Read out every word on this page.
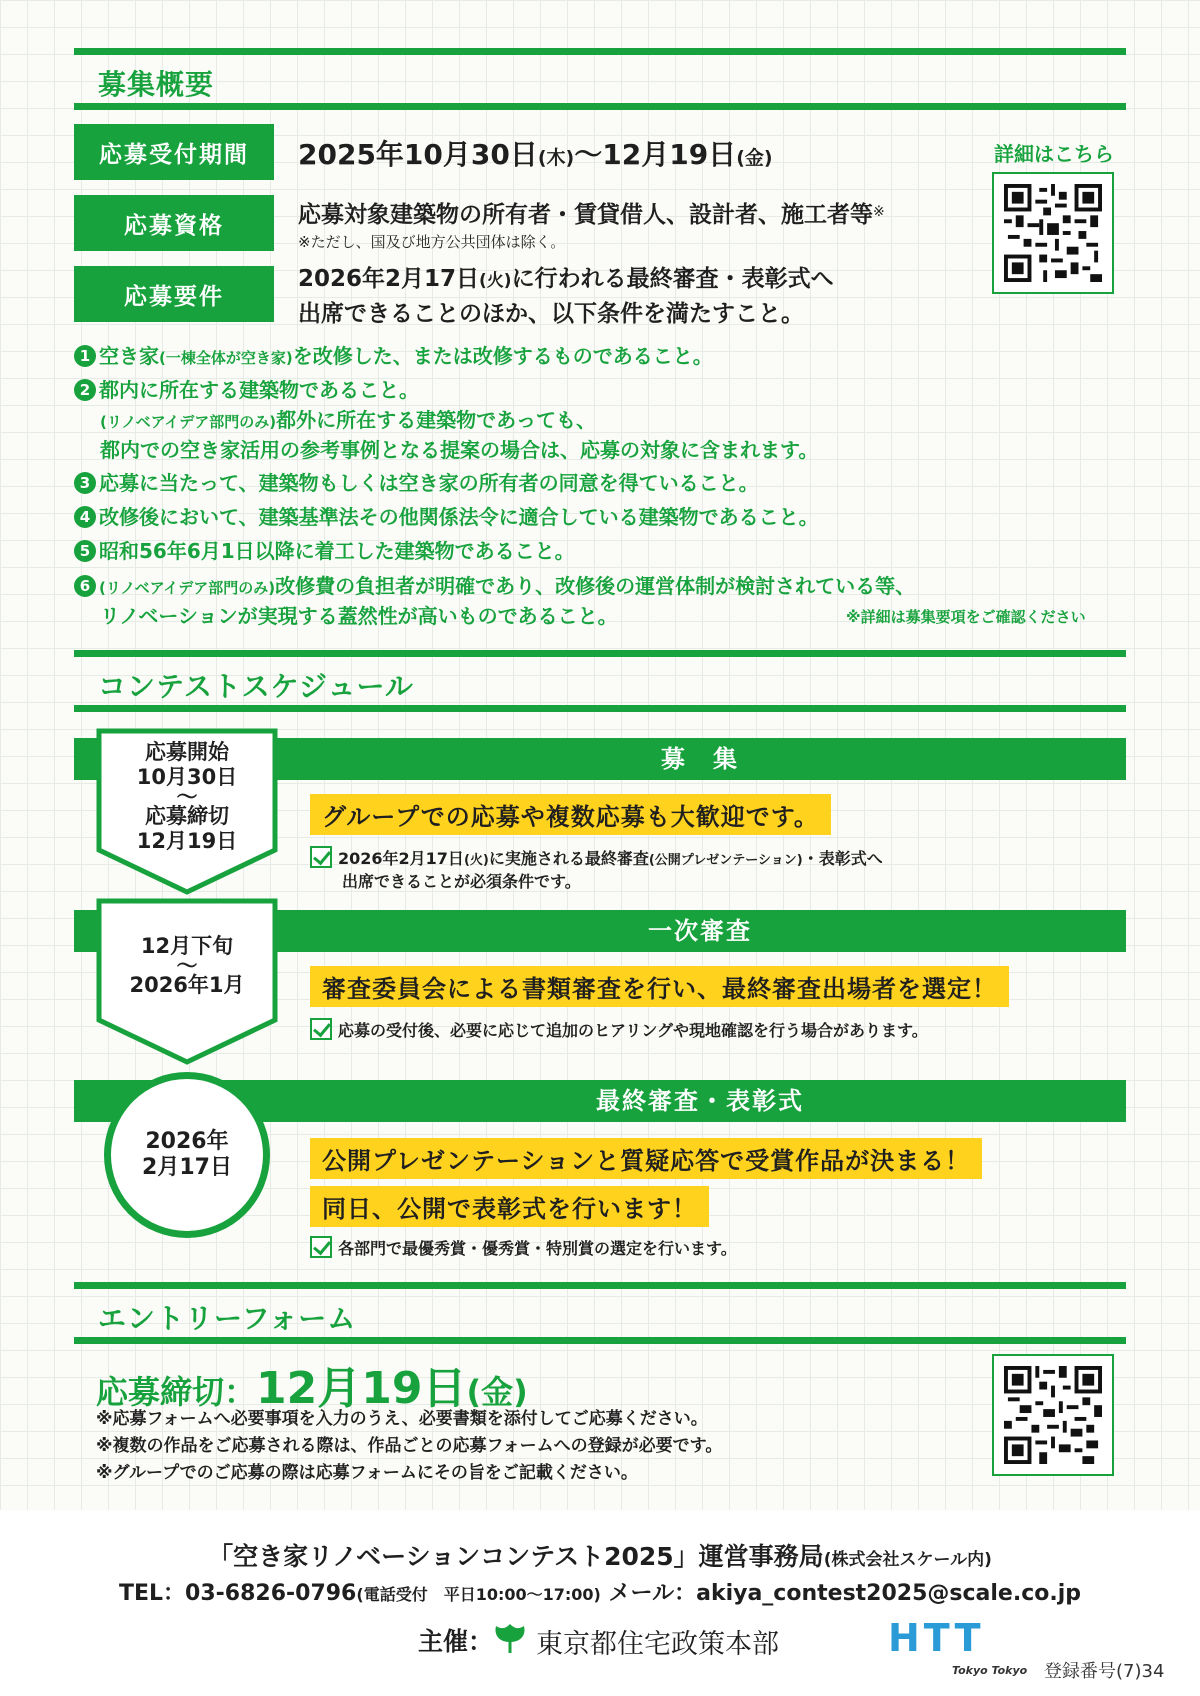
募集概要
応募受付期間	2025年10月30日(木)〜12月19日(金)
応募資格	応募対象建築物の所有者・賃貸借人、設計者、施工者等※
※ただし、国及び地方公共団体は除く。
応募要件
2026年2月17日(火)に行われる最終審査・表彰式へ
出席できることのほか、以下条件を満たすこと。
詳細はこちら
1 空き家(一棟全体が空き家)を改修した、または改修するものであること。
2 都内に所在する建築物であること。
(リノベアイデア部門のみ)都外に所在する建築物であっても、
都内での空き家活用の参考事例となる提案の場合は、応募の対象に含まれます。
3 応募に当たって、建築物もしくは空き家の所有者の同意を得ていること。
4 改修後において、建築基準法その他関係法令に適合している建築物であること。
5 昭和56年6月1日以降に着工した建築物であること。
6 (リノベアイデア部門のみ)改修費の負担者が明確であり、改修後の運営体制が検討されている等、
リノベーションが実現する蓋然性が高いものであること。	※詳細は募集要項をご確認ください
コンテストスケジュール
募　集
応募開始
10月30日
〜
応募締切
12月19日
グループでの応募や複数応募も大歓迎です。
2026年2月17日(火)に実施される最終審査(公開プレゼンテーション)・表彰式へ
出席できることが必須条件です。
一次審査
12月下旬
〜
2026年1月	審査委員会による書類審査を行い、最終審査出場者を選定！
応募の受付後、必要に応じて追加のヒアリングや現地確認を行う場合があります。
最終審査・表彰式
2026年
2月17日	公開プレゼンテーションと質疑応答で受賞作品が決まる！
同日、公開で表彰式を行います！
各部門で最優秀賞・優秀賞・特別賞の選定を行います。
エントリーフォーム
応募締切：12月19日(金)
※応募フォームへ必要事項を入力のうえ、必要書類を添付してご応募ください。
※複数の作品をご応募される際は、作品ごとの応募フォームへの登録が必要です。
※グループでのご応募の際は応募フォームにその旨をご記載ください。
「空き家リノベーションコンテスト2025」運営事務局(株式会社スケール内)
TEL：03-6826-0796(電話受付　平日10:00〜17:00) メール：akiya_contest2025@scale.co.jp
主催： 東京都住宅政策本部	HTT
Tokyo Tokyo 登録番号(7)34
